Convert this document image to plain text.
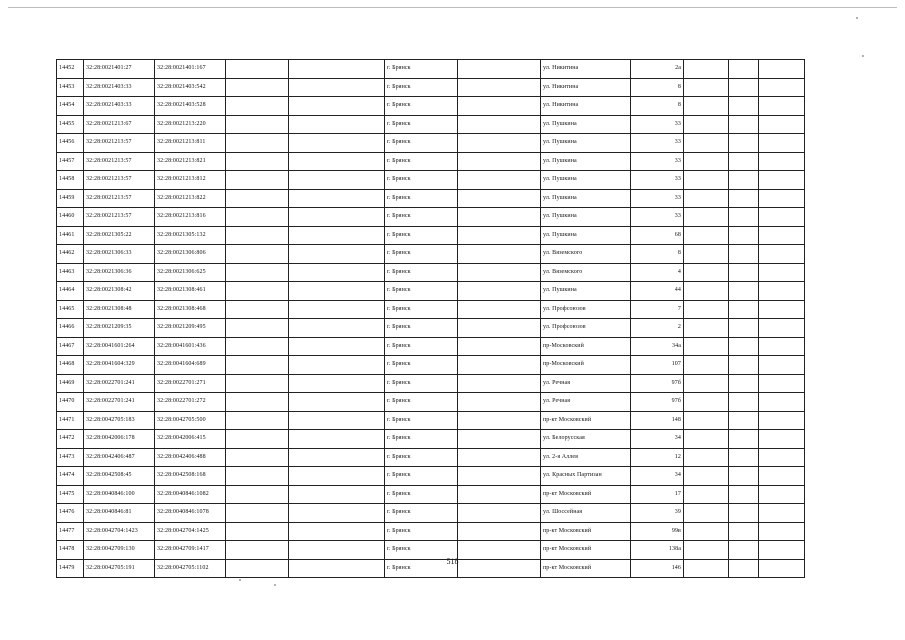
14452	32:28:0021401:27	32:28:0021401:167			г. Брянск		ул. Никитина	2а			
14453	32:28:0021403:33	32:28:0021403:542			г. Брянск		ул. Никитина	8			
14454	32:28:0021403:33	32:28:0021403:528			г. Брянск		ул. Никитина	8			
14455	32:28:0021213:67	32:28:0021213:220			г. Брянск		ул. Пушкина	33			
14456	32:28:0021213:57	32:28:0021213:811			г. Брянск		ул. Пушкина	33			
14457	32:28:0021213:57	32:28:0021213:821			г. Брянск		ул. Пушкина	33			
14458	32:28:0021213:57	32:28:0021213:812			г. Брянск		ул. Пушкина	33			
14459	32:28:0021213:57	32:28:0021213:822			г. Брянск		ул. Пушкина	33			
14460	32:28:0021213:57	32:28:0021213:816			г. Брянск		ул. Пушкина	33			
14461	32:28:0021305:22	32:28:0021305:132			г. Брянск		ул. Пушкина	68			
14462	32:28:0021306:33	32:28:0021306:806			г. Брянск		ул. Вяземского	8			
14463	32:28:0021306:36	32:28:0021306:625			г. Брянск		ул. Вяземского	4			
14464	32:28:0021308:42	32:28:0021308:461			г. Брянск		ул. Пушкина	44			
14465	32:28:0021308:48	32:28:0021308:468			г. Брянск		ул. Профсоюзов	7			
14466	32:28:0021209:35	32:28:0021209:495			г. Брянск		ул. Профсоюзов	2			
14467	32:28:0041601:264	32:28:0041601:436			г. Брянск		пр-Московский	34а			
14468	32:28:0041604:329	32:28:0041604:689			г. Брянск		пр-Московский	107			
14469	32:28:0022701:241	32:28:0022701:271			г. Брянск		ул. Речная	97б			
14470	32:28:0022701:241	32:28:0022701:272			г. Брянск		ул. Речная	97б			
14471	32:28:0042705:183	32:28:0042705:500			г. Брянск		пр-кт Московский	148			
14472	32:28:0042006:178	32:28:0042006:415			г. Брянск		ул. Белорусская	34			
14473	32:28:0042406:487	32:28:0042406:488			г. Брянск		ул. 2-я Аллея	12			
14474	32:28:0042508:45	32:28:0042508:168			г. Брянск		ул. Красных Партизан	34			
14475	32:28:0040846:100	32:28:0040846:1082			г. Брянск		пр-кт Московский	17			
14476	32:28:0040846:81	32:28:0040846:1078			г. Брянск		ул. Шоссейная	39			
14477	32:28:0042704:1423	32:28:0042704:1425			г. Брянск		пр-кт Московский	99в			
14478	32:28:0042709:130	32:28:0042709:1417			г. Брянск		пр-кт Московский	138а			
14479	32:28:0042705:191	32:28:0042705:1102			г. Брянск		пр-кт Московский	146			
518
